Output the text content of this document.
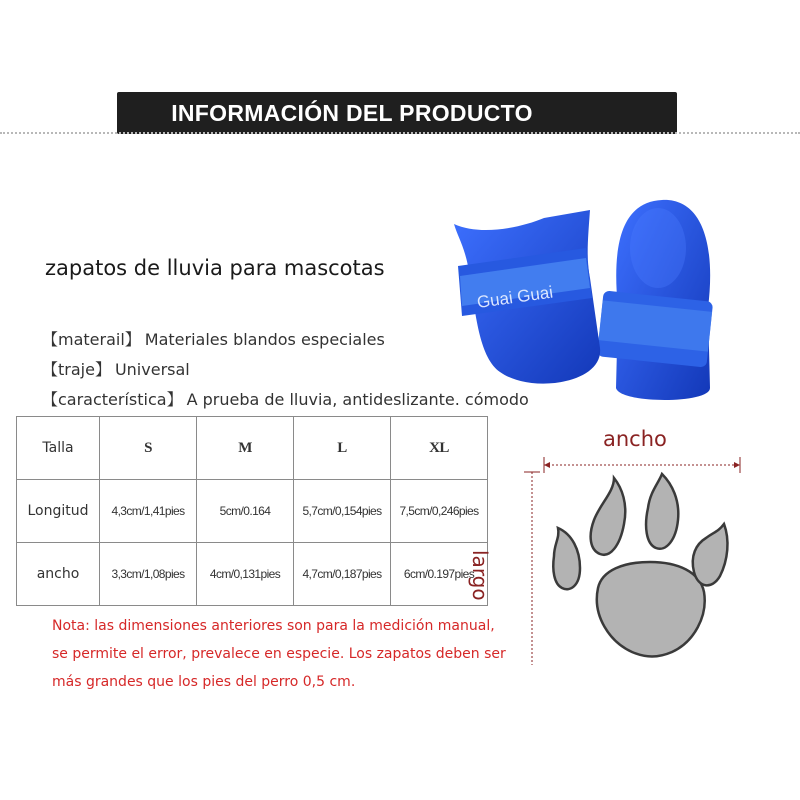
INFORMACIÓN DEL PRODUCTO
zapatos de lluvia para mascotas
【materail】 Materiales blandos especiales
【traje】 Universal
【característica】 A prueba de lluvia, antideslizante. cómodo
Guai Guai
Talla	S	M	L	XL
Longitud	4,3cm/1,41pies	5cm/0.164	5,7cm/0,154pies	7,5cm/0,246pies
ancho	3,3cm/1,08pies	4cm/0,131pies	4,7cm/0,187pies	6cm/0.197pies
Nota: las dimensiones anteriores son para la medición manual,
se permite el error, prevalece en especie. Los zapatos deben ser
más grandes que los pies del perro 0,5 cm.
ancho
largo
